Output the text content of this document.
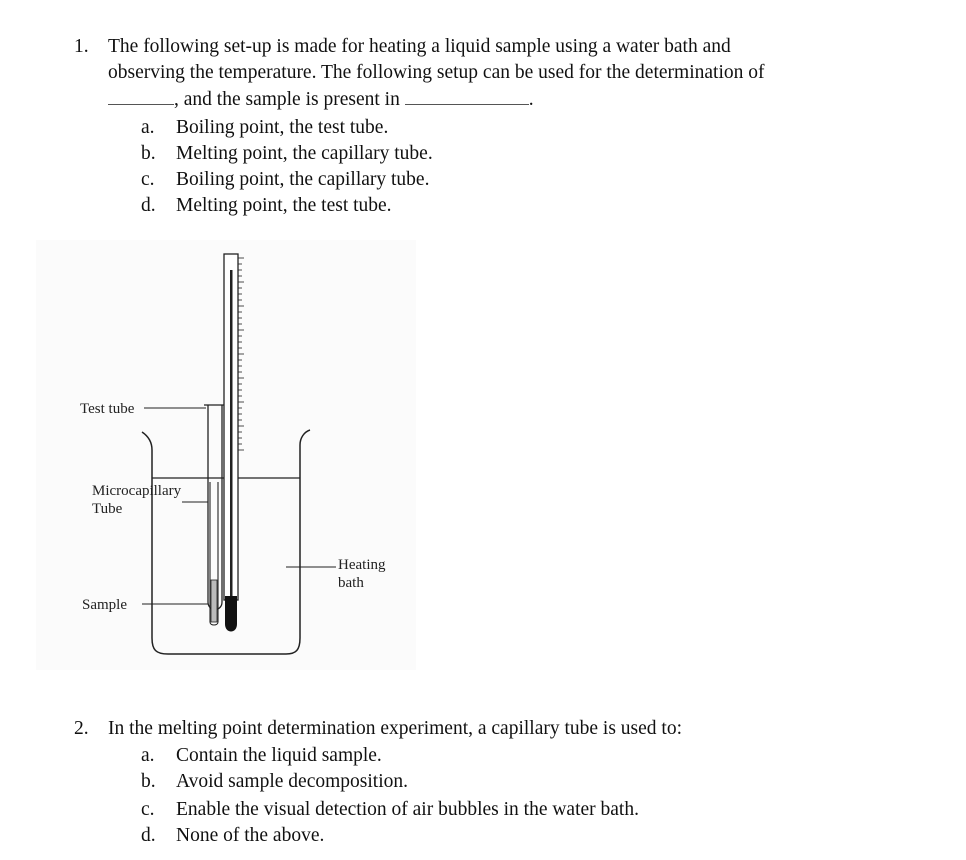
1. The following set-up is made for heating a liquid sample using a water bath and
observing the temperature. The following setup can be used for the determination of
, and the sample is present in	.
a. Boiling point, the test tube.
b. Melting point, the capillary tube.
c. Boiling point, the capillary tube.
d. Melting point, the test tube.
Test tube
Microcapillary
Tube
Heating
bath
Sample
2. In the melting point determination experiment, a capillary tube is used to:
a. Contain the liquid sample.
b. Avoid sample decomposition.
c. Enable the visual detection of air bubbles in the water bath.
d. None of the above.
